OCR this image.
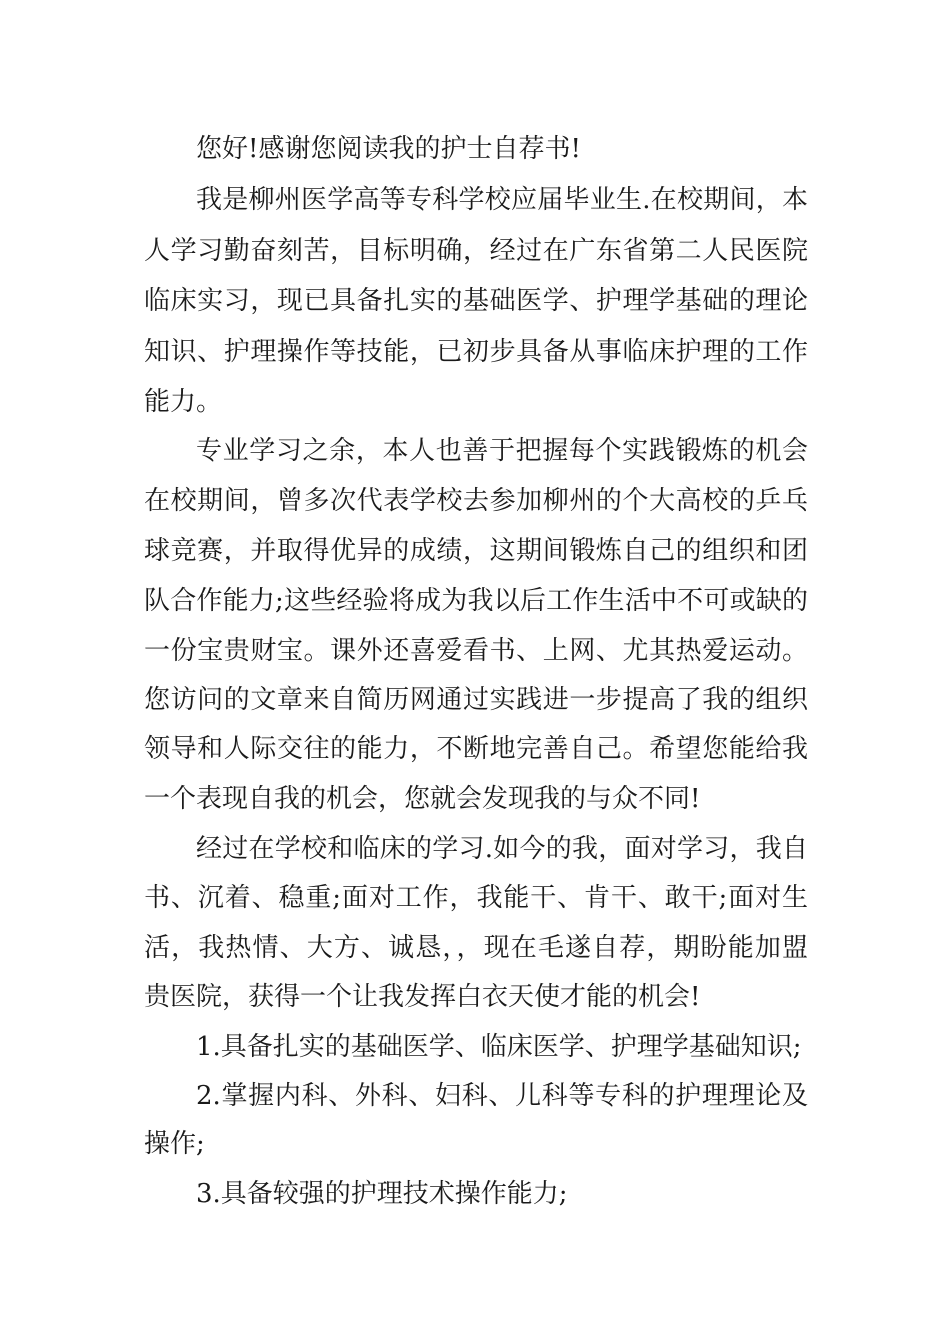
您好!感谢您阅读我的护士自荐书!
我是柳州医学高等专科学校应届毕业生.在校期间，本
人学习勤奋刻苦，目标明确，经过在广东省第二人民医院
临床实习，现已具备扎实的基础医学、护理学基础的理论
知识、护理操作等技能，已初步具备从事临床护理的工作
能力。
专业学习之余，本人也善于把握每个实践锻炼的机会
在校期间，曾多次代表学校去参加柳州的个大高校的乒乓
球竞赛，并取得优异的成绩，这期间锻炼自己的组织和团
队合作能力;这些经验将成为我以后工作生活中不可或缺的
一份宝贵财宝。课外还喜爱看书、上网、尤其热爱运动。
您访问的文章来自简历网通过实践进一步提高了我的组织
领导和人际交往的能力，不断地完善自己。希望您能给我
一个表现自我的机会，您就会发现我的与众不同!
经过在学校和临床的学习.如今的我，面对学习，我自
书、沉着、稳重;面对工作，我能干、肯干、敢干;面对生
活，我热情、大方、诚恳，，现在毛遂自荐，期盼能加盟
贵医院，获得一个让我发挥白衣天使才能的机会!
1.具备扎实的基础医学、临床医学、护理学基础知识;
2.掌握内科、外科、妇科、儿科等专科的护理理论及
操作;
3.具备较强的护理技术操作能力;
